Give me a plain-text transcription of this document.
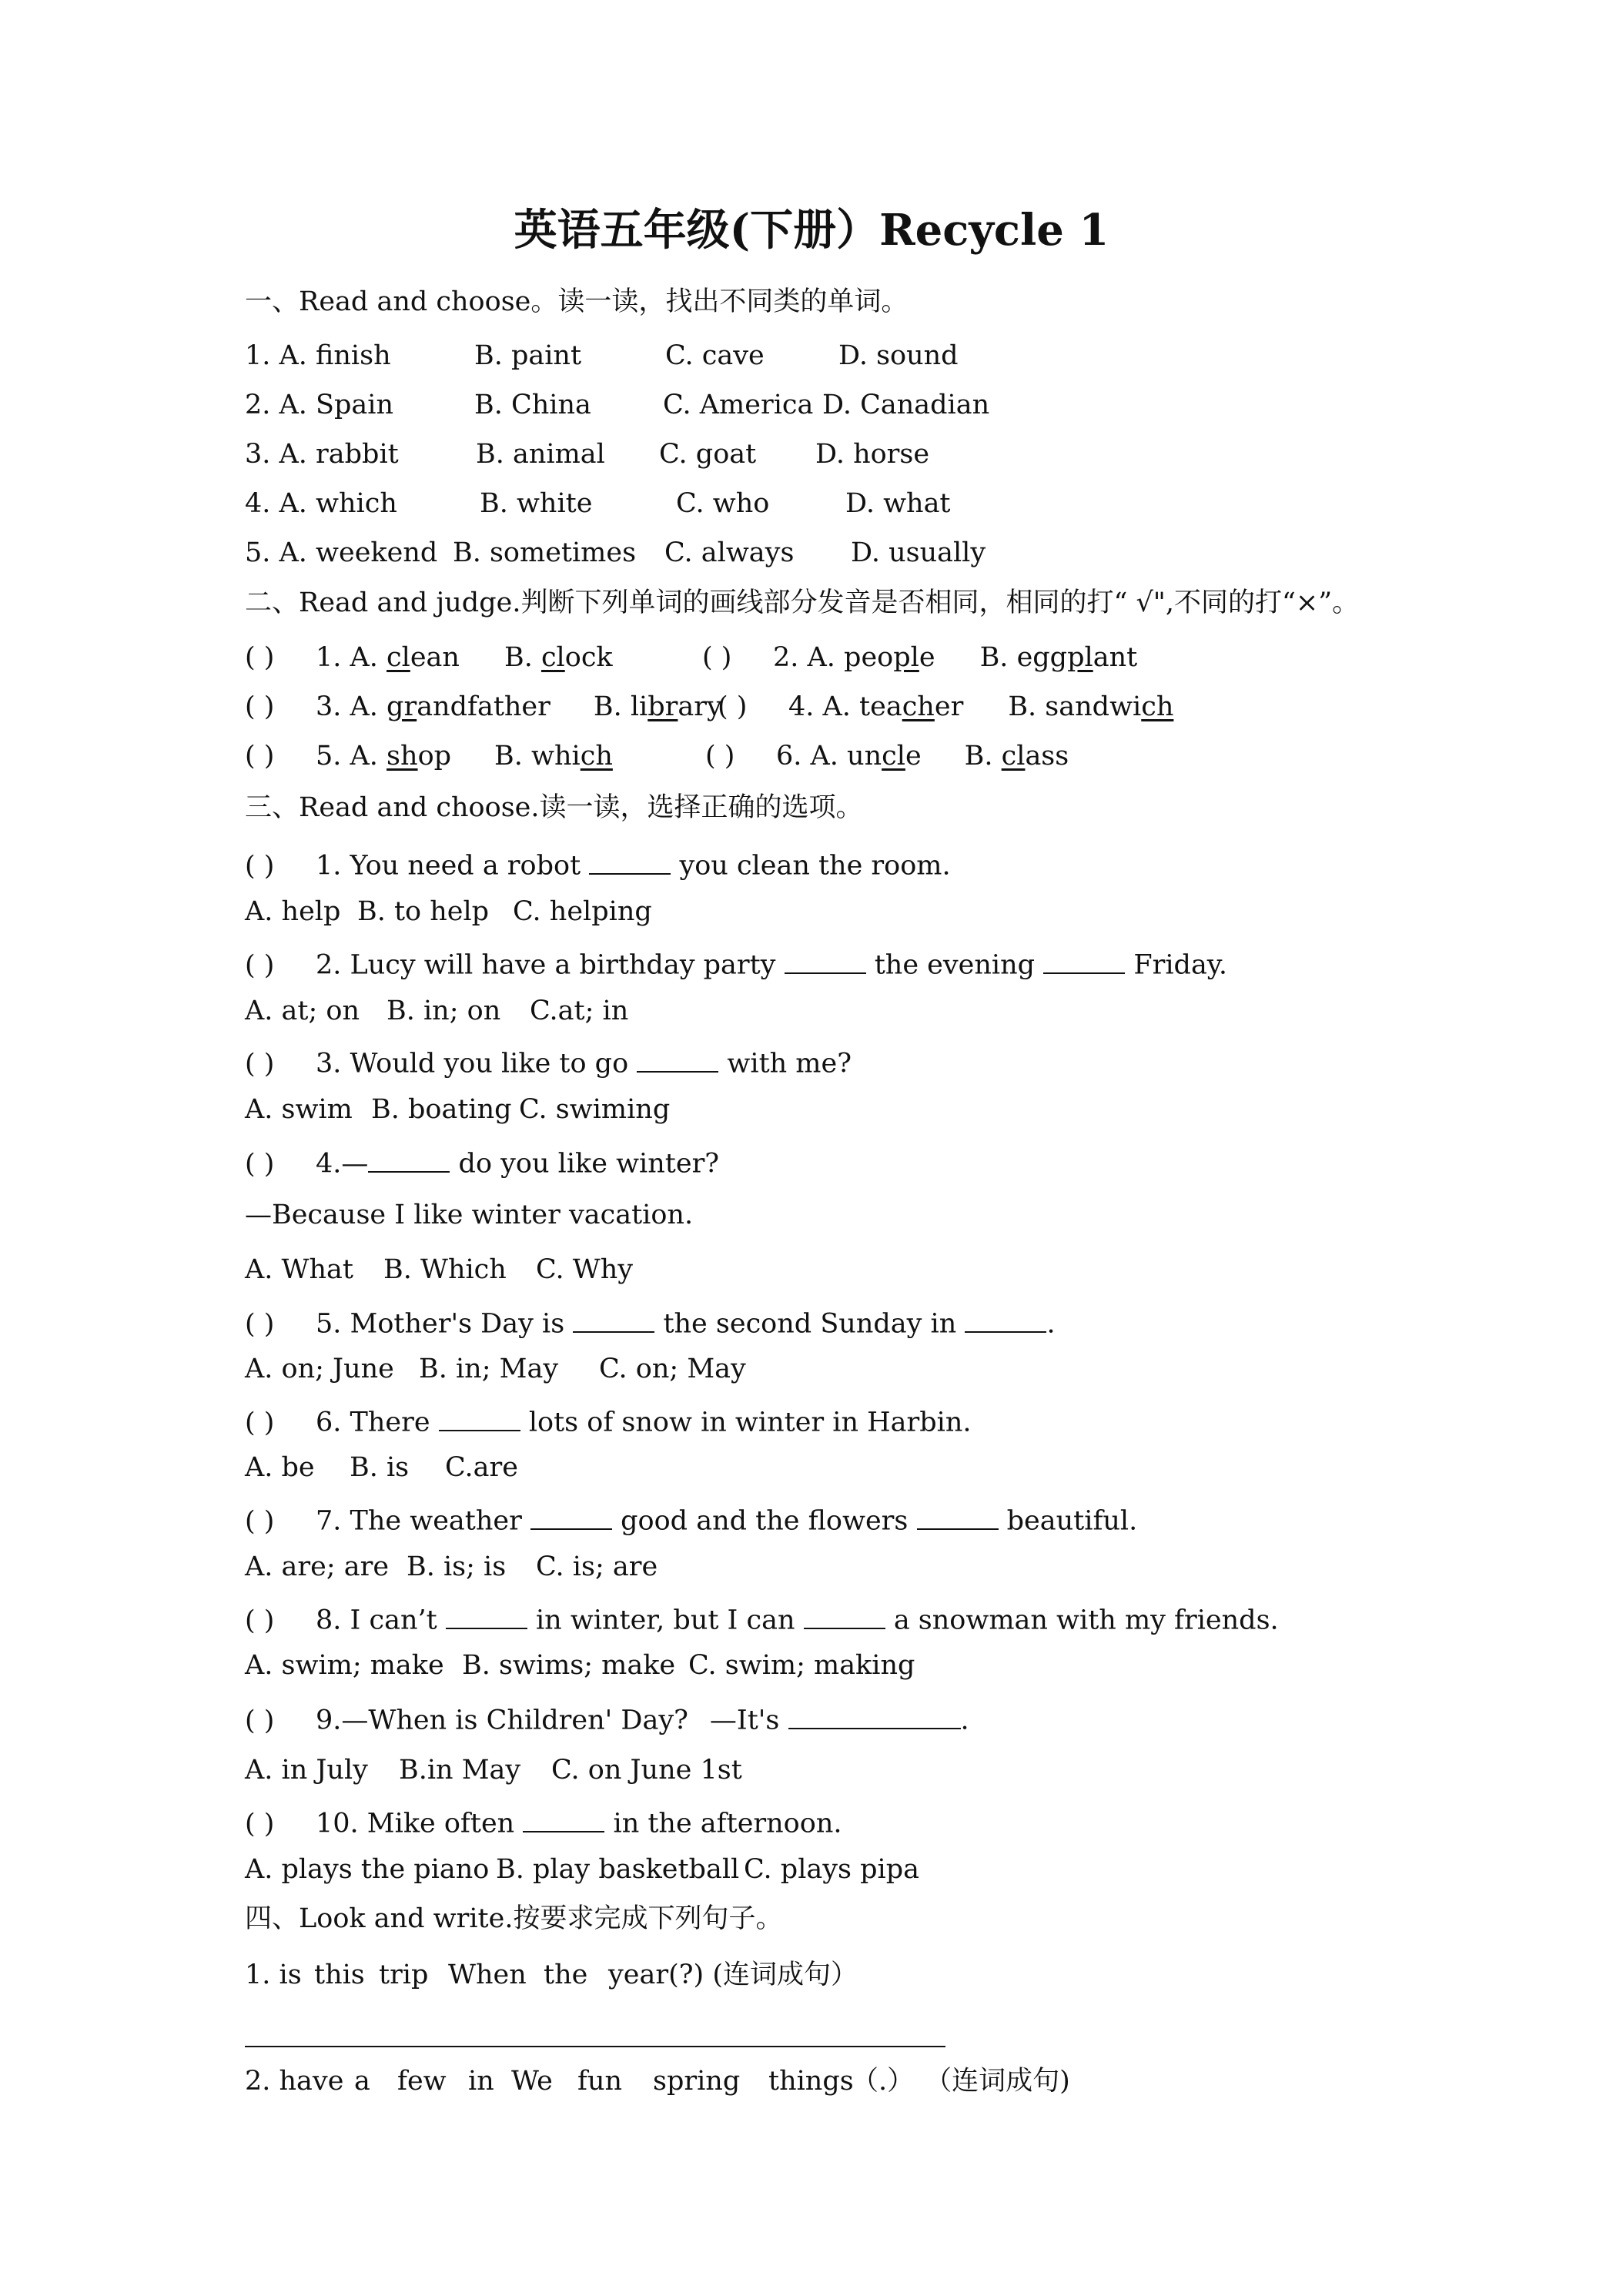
英语五年级(下册）Recycle 1
一、Read and choose。读一读，找出不同类的单词。
1. A. finish	B. paint	C. cave	D. sound
2. A. Spain	B. China	C. America D. Canadian
3. A. rabbit	B. animal C. goat D. horse
4. A. which	B. white	C. who	D. what
5. A. weekend B. sometimes C. always D. usually
二、Read and judge.判断下列单词的画线部分发音是否相同，相同的打“ √",不同的打“×”。
( ) 1. A. clean B. clock	( ) 2. A. people B. eggplant
( ) 3. A. grandfather B. library( ) 4. A. teacher B. sandwich
( ) 5. A. shop B. which	( ) 6. A. uncle B. class
三、Read and choose.读一读，选择正确的选项。
( ) 1. You need a robot	you clean the room.
A. help B. to help C. helping
( ) 2. Lucy will have a birthday party	the evening	Friday.
A. at; on B. in; on C.at; in
( ) 3. Would you like to go	with me?
A. swim B. boating C. swiming
( ) 4.—	do you like winter?
—Because I like winter vacation.
A. What B. Which C. Why
( ) 5. Mother's Day is	the second Sunday in	.
A. on; June B. in; May C. on; May
( ) 6. There	lots of snow in winter in Harbin.
A. be B. is C.are
( ) 7. The weather	good and the flowers	beautiful.
A. are; are B. is; is C. is; are
( ) 8. I can’t	in winter, but I can	a snowman with my friends.
A. swim; make B. swims; make C. swim; making
( ) 9.—When is Children' Day? —It's	.
A. in July B.in May C. on June 1st
( ) 10. Mike often	in the afternoon.
A. plays the piano B. play basketball C. plays pipa
四、Look and write.按要求完成下列句子。
1. is this trip When the year(?) (连词成句）
2. have a few in We fun spring things（.） （连词成句)
